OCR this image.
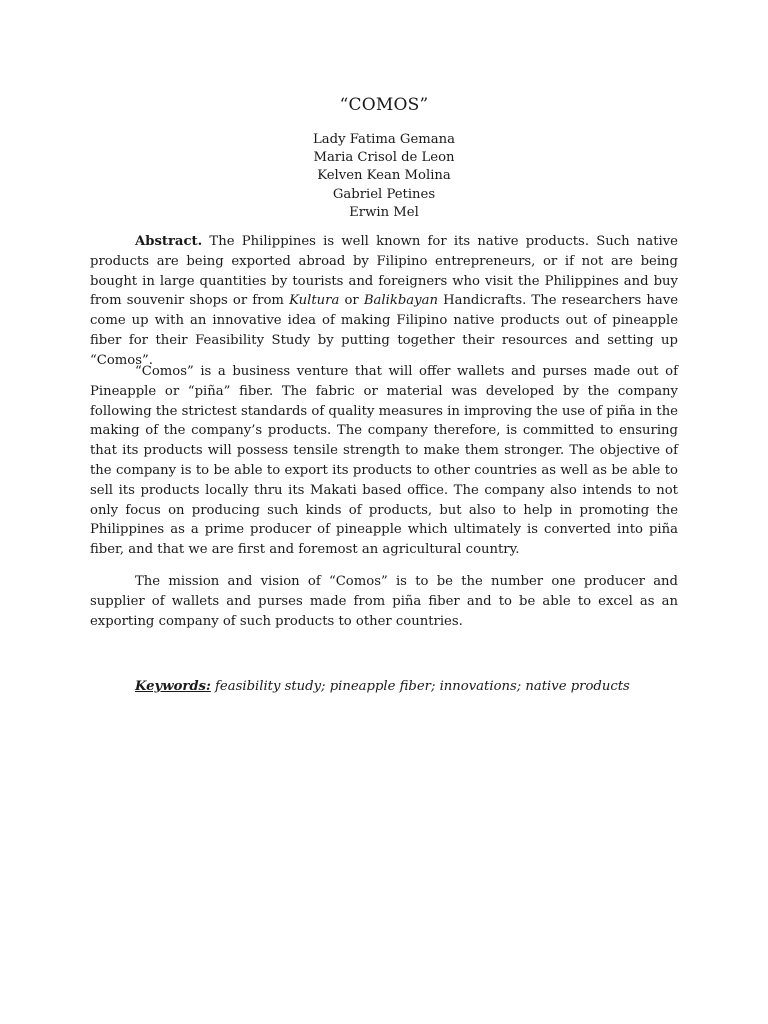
“COMOS”
Lady Fatima Gemana
Maria Crisol de Leon
Kelven Kean Molina
Gabriel Petines
Erwin Mel
Abstract. The Philippines is well known for its native products. Such native products are being exported abroad by Filipino entrepreneurs, or if not are being bought in large quantities by tourists and foreigners who visit the Philippines and buy from souvenir shops or from Kultura or Balikbayan Handicrafts. The researchers have come up with an innovative idea of making Filipino native products out of pineapple fiber for their Feasibility Study by putting together their resources and setting up “Comos”.
“Comos” is a business venture that will offer wallets and purses made out of Pineapple or “piña” fiber. The fabric or material was developed by the company following the strictest standards of quality measures in improving the use of piña in the making of the company’s products. The company therefore, is committed to ensuring that its products will possess tensile strength to make them stronger. The objective of the company is to be able to export its products to other countries as well as be able to sell its products locally thru its Makati based office. The company also intends to not only focus on producing such kinds of products, but also to help in promoting the Philippines as a prime producer of pineapple which ultimately is converted into piña fiber, and that we are first and foremost an agricultural country.
The mission and vision of “Comos” is to be the number one producer and supplier of wallets and purses made from piña fiber and to be able to excel as an exporting company of such products to other countries.
Keywords: feasibility study; pineapple fiber; innovations; native products
